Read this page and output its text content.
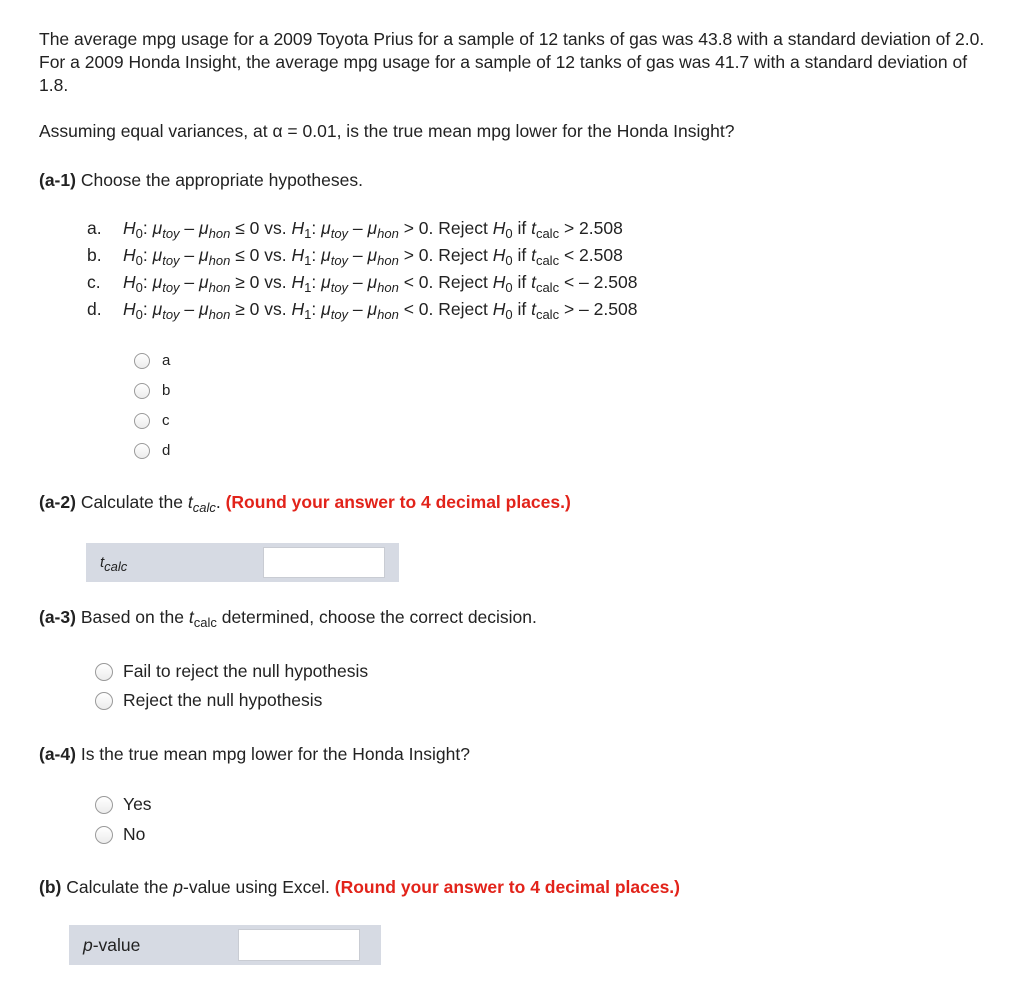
The average mpg usage for a 2009 Toyota Prius for a sample of 12 tanks of gas was 43.8 with a standard deviation of 2.0. For a 2009 Honda Insight, the average mpg usage for a sample of 12 tanks of gas was 41.7 with a standard deviation of 1.8.
Assuming equal variances, at α = 0.01, is the true mean mpg lower for the Honda Insight?
(a-1) Choose the appropriate hypotheses.
a. $H_0$: $\mu_{toy} - \mu_{hon} \le 0$ vs. $H_1$: $\mu_{toy} - \mu_{hon} > 0$. Reject $H_0$ if $t_{calc} > 2.508$
b. $H_0$: $\mu_{toy} - \mu_{hon} \le 0$ vs. $H_1$: $\mu_{toy} - \mu_{hon} > 0$. Reject $H_0$ if $t_{calc} < 2.508$
c. $H_0$: $\mu_{toy} - \mu_{hon} \ge 0$ vs. $H_1$: $\mu_{toy} - \mu_{hon} < 0$. Reject $H_0$ if $t_{calc}$ < – 2.508
d. $H_0$: $\mu_{toy} - \mu_{hon} \ge 0$ vs. $H_1$: $\mu_{toy} - \mu_{hon} < 0$. Reject $H_0$ if $t_{calc}$ > – 2.508
a
b
c
d
(a-2) Calculate the $t_{calc}$. (Round your answer to 4 decimal places.)
$t_{calc}$
(a-3) Based on the $t_{calc}$ determined, choose the correct decision.
Fail to reject the null hypothesis
Reject the null hypothesis
(a-4) Is the true mean mpg lower for the Honda Insight?
Yes
No
(b) Calculate the p-value using Excel. (Round your answer to 4 decimal places.)
p-value
